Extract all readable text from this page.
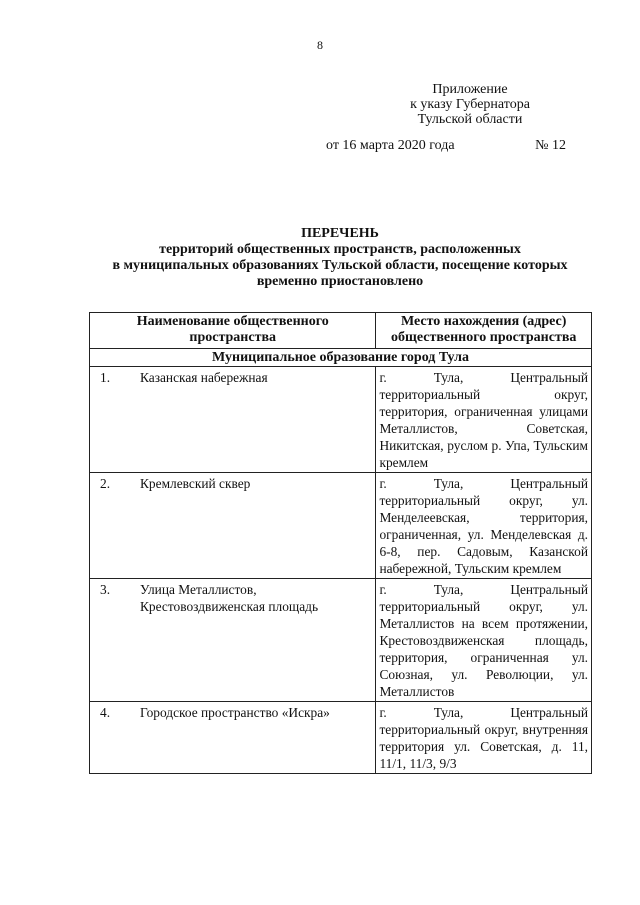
8
Приложение
к указу Губернатора
Тульской области
от 16 марта 2020 года	№ 12
ПЕРЕЧЕНЬ
территорий общественных пространств, расположенных
в муниципальных образованиях Тульской области, посещение которых
временно приостановлено
Наименование общественного пространства	Место нахождения (адрес) общественного пространства
Муниципальное образование город Тула	

1. Казанская набережная	г. Тула, Центральный территориальный округ, территория, ограниченная улицами Металлистов, Советская, Никитская, руслом р. Упа, Тульским кремлем

2. Кремлевский сквер	г. Тула, Центральный территориальный округ, ул. Менделеевская, территория, ограниченная, ул. Менделевская д. 6-8, пер. Садовым, Казанской набережной, Тульским кремлем

3. Улица Металлистов, Крестовоздвиженская площадь	г. Тула, Центральный территориальный округ, ул. Металлистов на всем протяжении, Крестовоздвиженская площадь, территория, ограниченная ул. Союзная, ул. Революции, ул. Металлистов

4. Городское пространство «Искра»	г. Тула, Центральный территориальный округ, внутренняя территория ул. Советская, д. 11, 11/1, 11/3, 9/3
